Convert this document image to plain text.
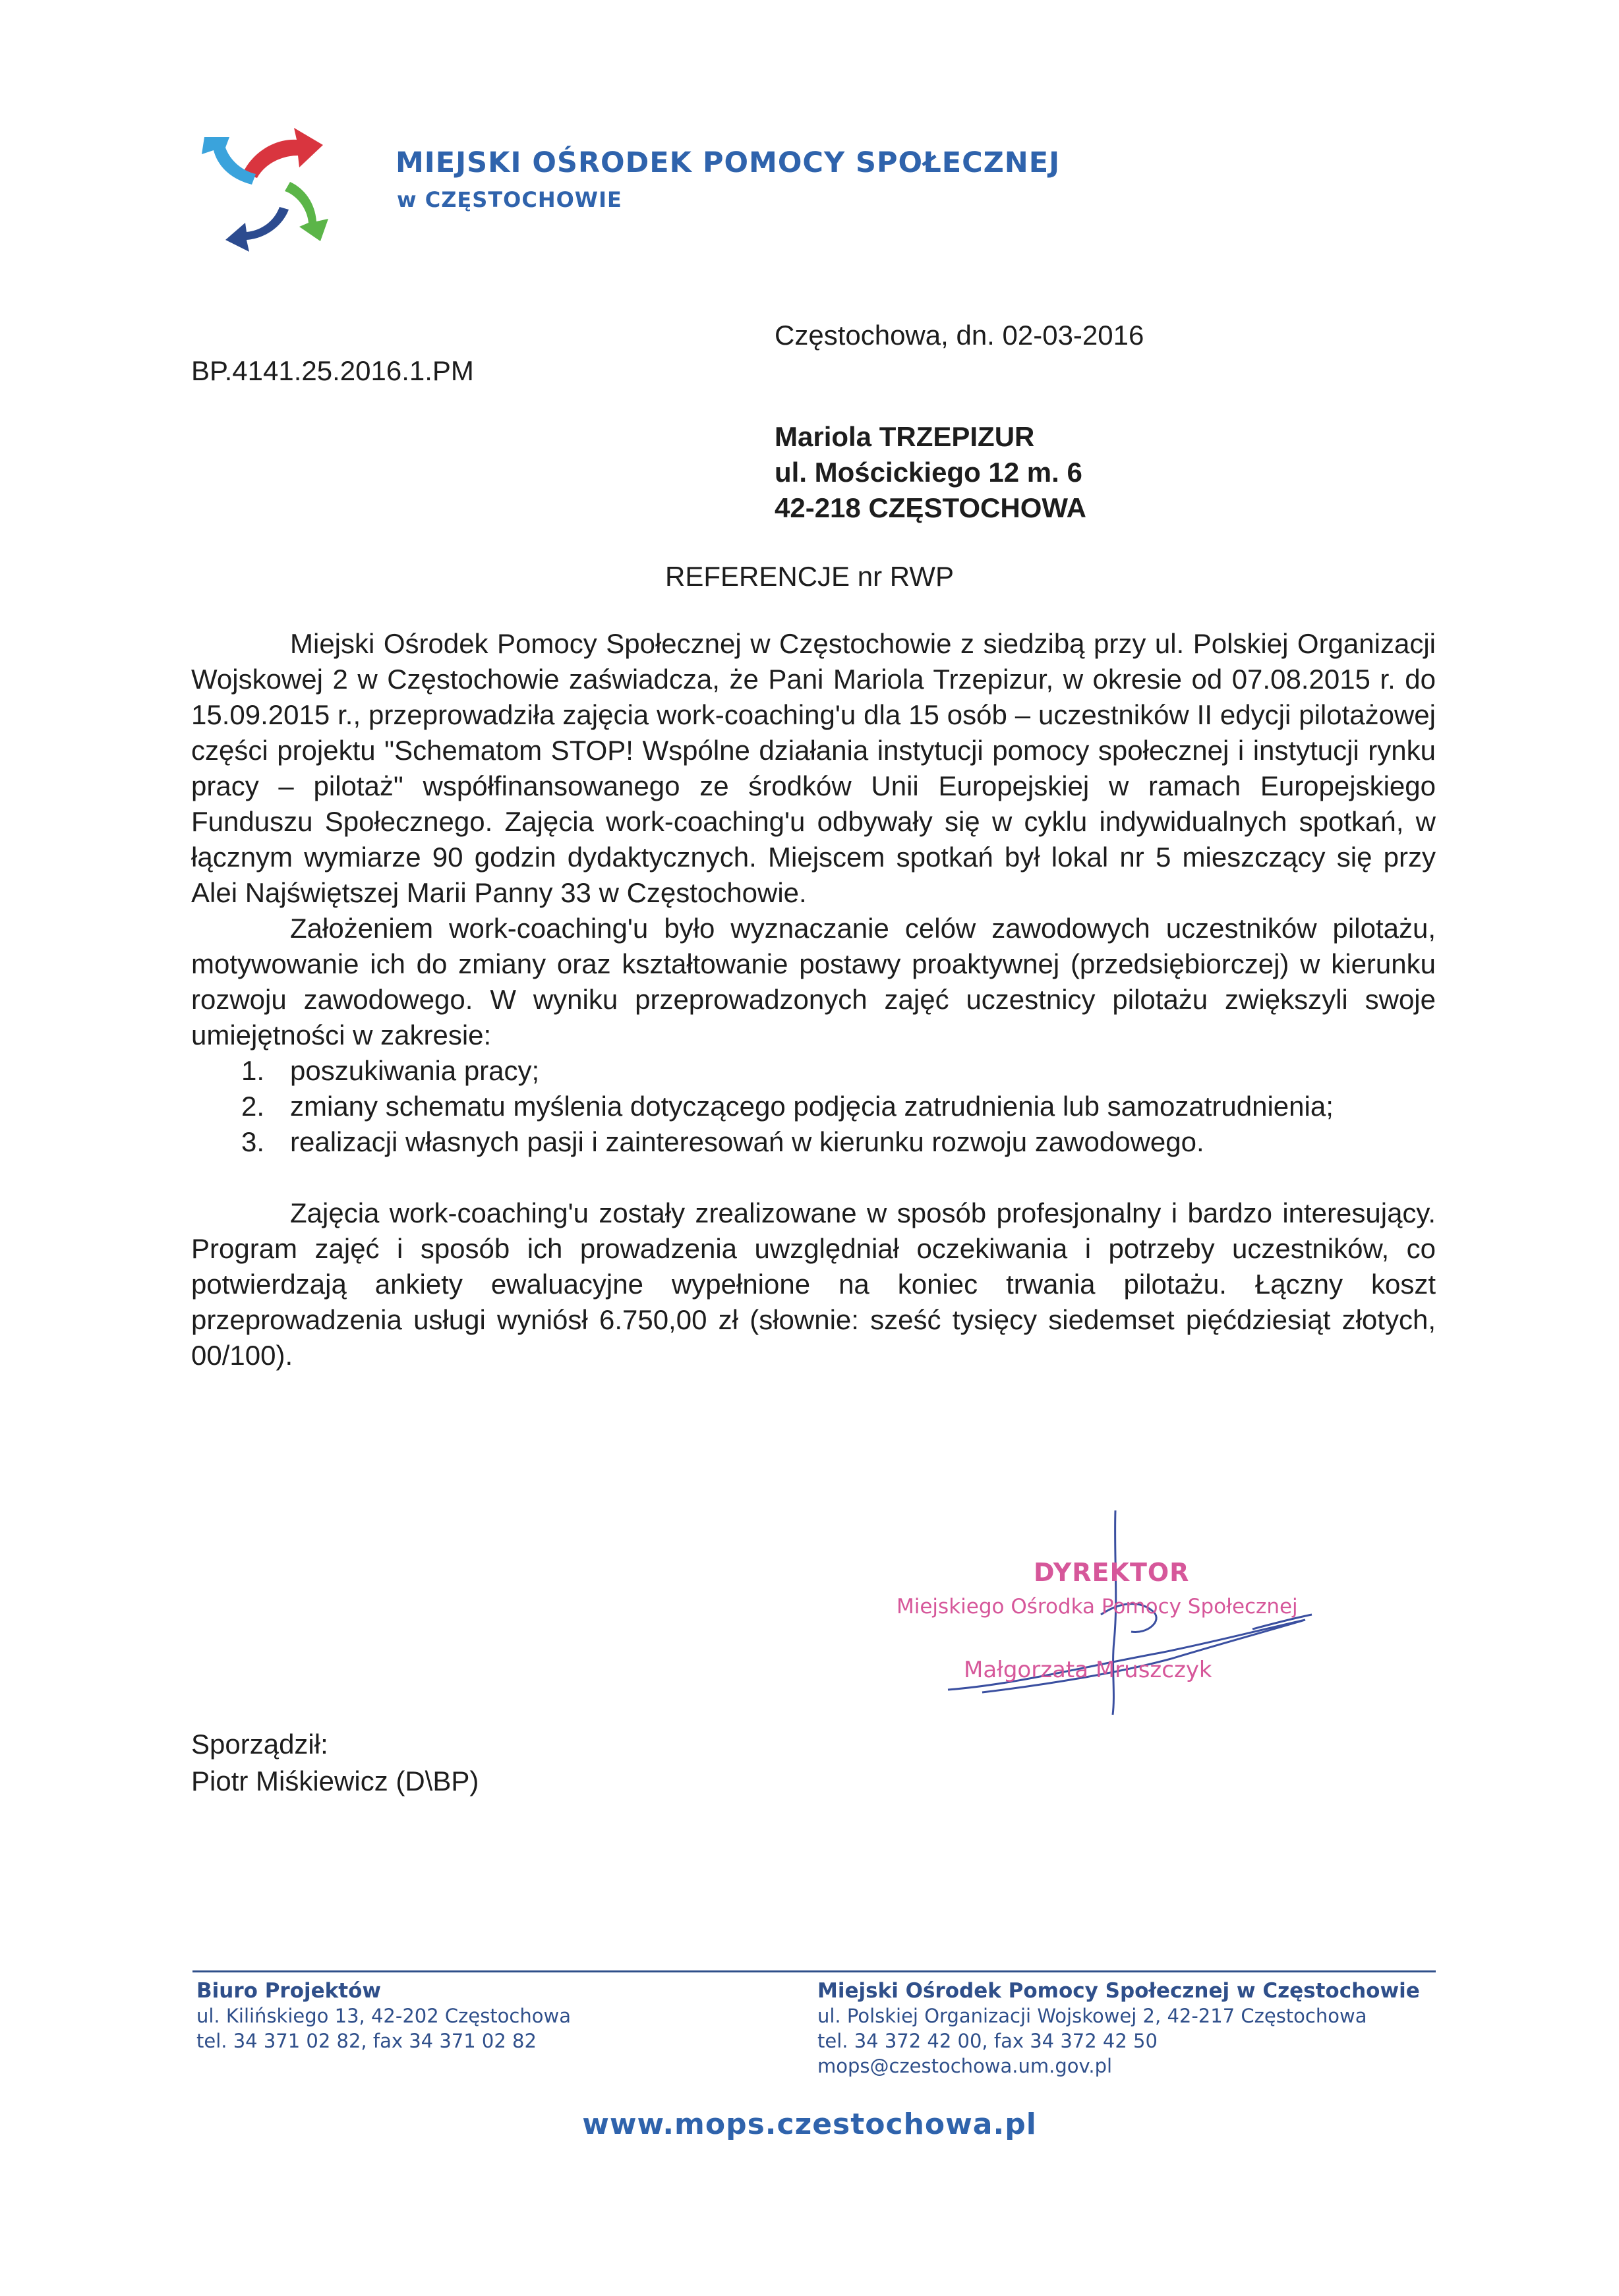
MIEJSKI OŚRODEK POMOCY SPOŁECZNEJ
w CZĘSTOCHOWIE
Częstochowa, dn. 02-03-2016
BP.4141.25.2016.1.PM
Mariola TRZEPIZUR
ul. Mościckiego 12 m. 6
42-218 CZĘSTOCHOWA
REFERENCJE nr RWP

Miejski Ośrodek Pomocy Społecznej w Częstochowie z siedzibą przy ul. Polskiej Organizacji Wojskowej 2 w Częstochowie zaświadcza, że Pani Mariola Trzepizur, w okresie od 07.08.2015 r. do 15.09.2015 r., przeprowadziła zajęcia work-coaching'u dla 15 osób – uczestników II edycji pilotażowej części projektu "Schematom STOP! Wspólne działania instytucji pomocy społecznej i instytucji rynku pracy – pilotaż" współfinansowanego ze środków Unii Europejskiej w ramach Europejskiego Funduszu Społecznego. Zajęcia work-coaching'u odbywały się w cyklu indywidualnych spotkań, w łącznym wymiarze 90 godzin dydaktycznych. Miejscem spotkań był lokal nr 5 mieszczący się przy Alei Najświętszej Marii Panny 33 w Częstochowie.

Założeniem work-coaching'u było wyznaczanie celów zawodowych uczestników pilotażu, motywowanie ich do zmiany oraz kształtowanie postawy proaktywnej (przedsiębiorczej) w kierunku rozwoju zawodowego. W wyniku przeprowadzonych zajęć uczestnicy pilotażu zwiększyli swoje umiejętności w zakresie:

1. poszukiwania pracy;
2. zmiany schematu myślenia dotyczącego podjęcia zatrudnienia lub samozatrudnienia;
3. realizacji własnych pasji i zainteresowań w kierunku rozwoju zawodowego.

Zajęcia work-coaching'u zostały zrealizowane w sposób profesjonalny i bardzo interesujący. Program zajęć i sposób ich prowadzenia uwzględniał oczekiwania i potrzeby uczestników, co potwierdzają ankiety ewaluacyjne wypełnione na koniec trwania pilotażu. Łączny koszt przeprowadzenia usługi wyniósł 6.750,00 zł (słownie: sześć tysięcy siedemset pięćdziesiąt złotych, 00/100).

DYREKTOR
Miejskiego Ośrodka Pomocy Społecznej
Małgorzata Mruszczyk
Sporządził:
Piotr Miśkiewicz (D\BP)
Biuro Projektów
ul. Kilińskiego 13, 42-202 Częstochowa
tel. 34 371 02 82, fax 34 371 02 82
Miejski Ośrodek Pomocy Społecznej w Częstochowie
ul. Polskiej Organizacji Wojskowej 2, 42-217 Częstochowa
tel. 34 372 42 00, fax 34 372 42 50
mops@czestochowa.um.gov.pl
www.mops.czestochowa.pl
